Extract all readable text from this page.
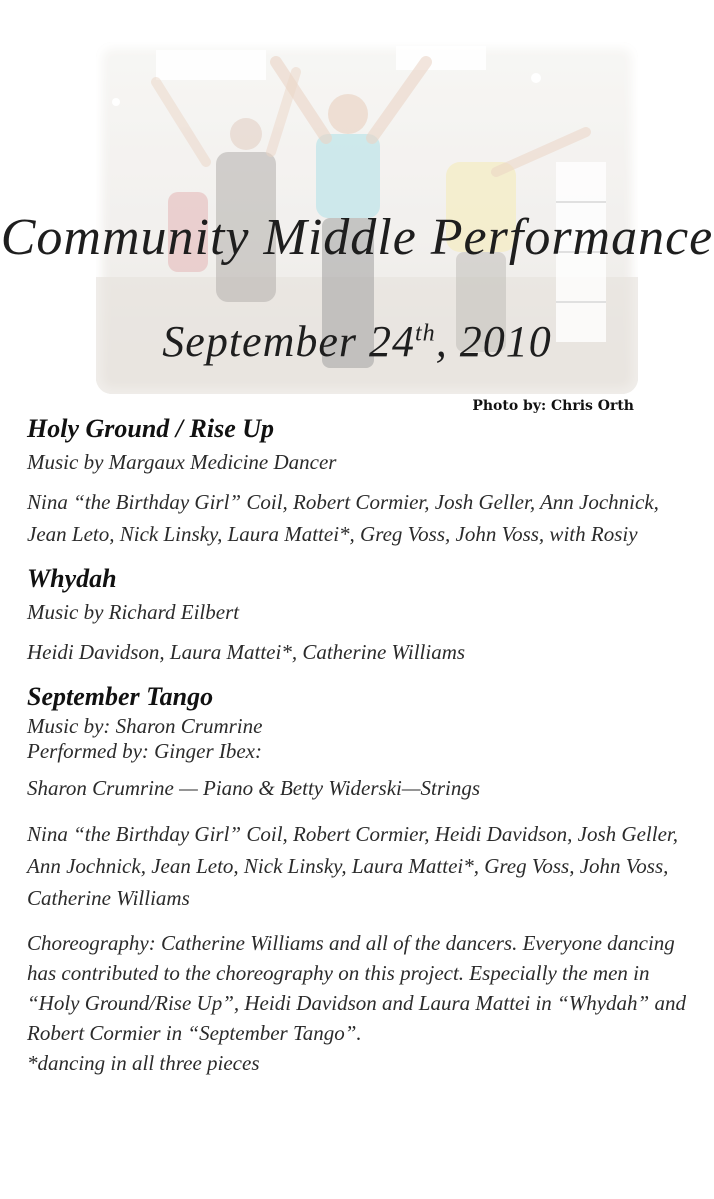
Community Middle Performance
September 24th, 2010
Photo by: Chris Orth
Holy Ground / Rise Up

Music by Margaux Medicine Dancer

Nina “the Birthday Girl” Coil, Robert Cormier, Josh Geller, Ann Jochnick, Jean Leto, Nick Linsky, Laura Mattei*, Greg Voss, John Voss, with Rosiy

Whydah

Music by Richard Eilbert

Heidi Davidson, Laura Mattei*, Catherine Williams

September Tango

Music by: Sharon Crumrine

Performed by: Ginger Ibex:

Sharon Crumrine — Piano & Betty Widerski—Strings

Nina “the Birthday Girl” Coil, Robert Cormier, Heidi Davidson, Josh Geller, Ann Jochnick, Jean Leto, Nick Linsky, Laura Mattei*, Greg Voss, John Voss, Catherine Williams

Choreography: Catherine Williams and all of the dancers. Everyone dancing has contributed to the choreography on this project. Especially the men in “Holy Ground/Rise Up”, Heidi Davidson and Laura Mattei in “Whydah” and Robert Cormier in “September Tango”.

*dancing in all three pieces
